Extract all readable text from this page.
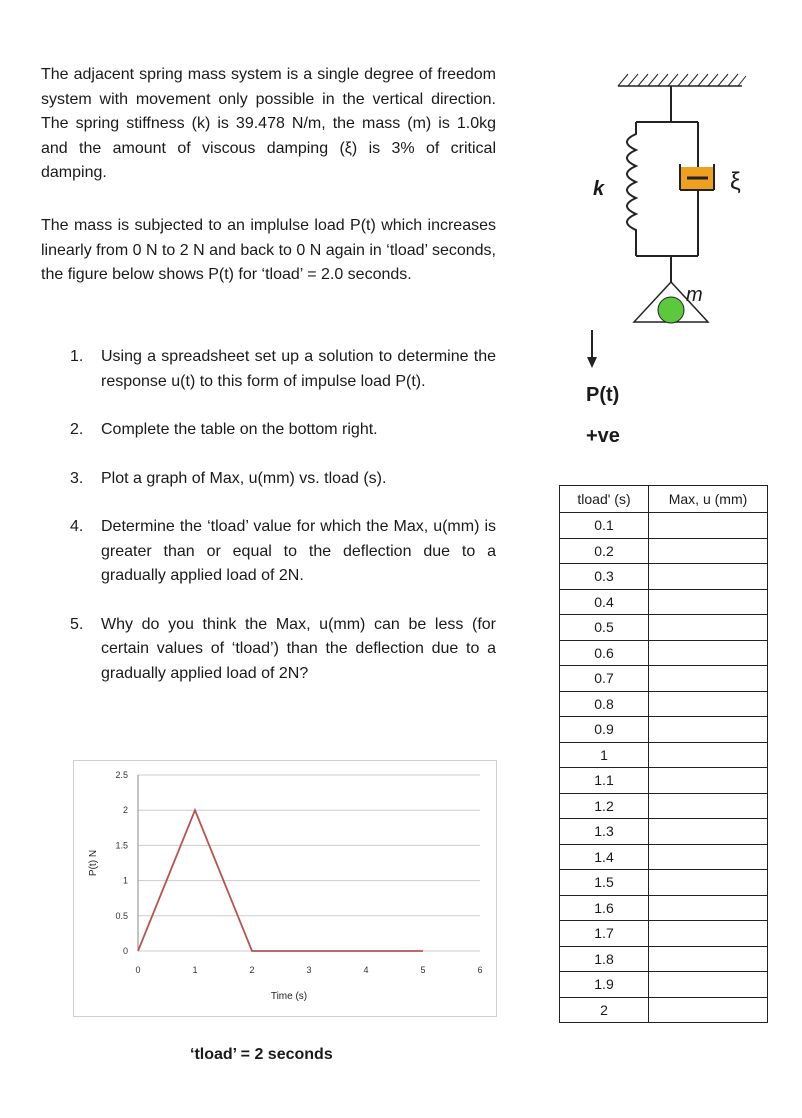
The adjacent spring mass system is a single degree of freedom system with movement only possible in the vertical direction. The spring stiffness (k) is 39.478 N/m, the mass (m) is 1.0kg and the amount of viscous damping (ξ) is 3% of critical damping.

The mass is subjected to an implulse load P(t) which increases linearly from 0 N to 2 N and back to 0 N again in ‘tload’ seconds, the figure below shows P(t) for ‘tload’ = 2.0 seconds.

1. Using a spreadsheet set up a solution to determine the response u(t) to this form of impulse load P(t).
2. Complete the table on the bottom right.
3. Plot a graph of Max, u(mm) vs. tload (s).
4. Determine the ‘tload’ value for which the Max, u(mm) is greater than or equal to the deflection due to a gradually applied load of 2N.
5. Why do you think the Max, u(mm) can be less (for certain values of ‘tload’) than the deflection due to a gradually applied load of 2N?
k	ξ
m
P(t)
+ve
tload' (s)	Max, u (mm)
0.1	
0.2	
0.3	
0.4	
0.5	
0.6	
0.7	
0.8	
0.9	
1	
1.1	
1.2	
1.3	
1.4	
1.5	
1.6	
1.7	
1.8	
1.9	
2	
0
0.5
1
1.5
2
2.5
0	1	2	3	4	5	6
Time (s)
P(t) N
‘tload’ = 2 seconds
